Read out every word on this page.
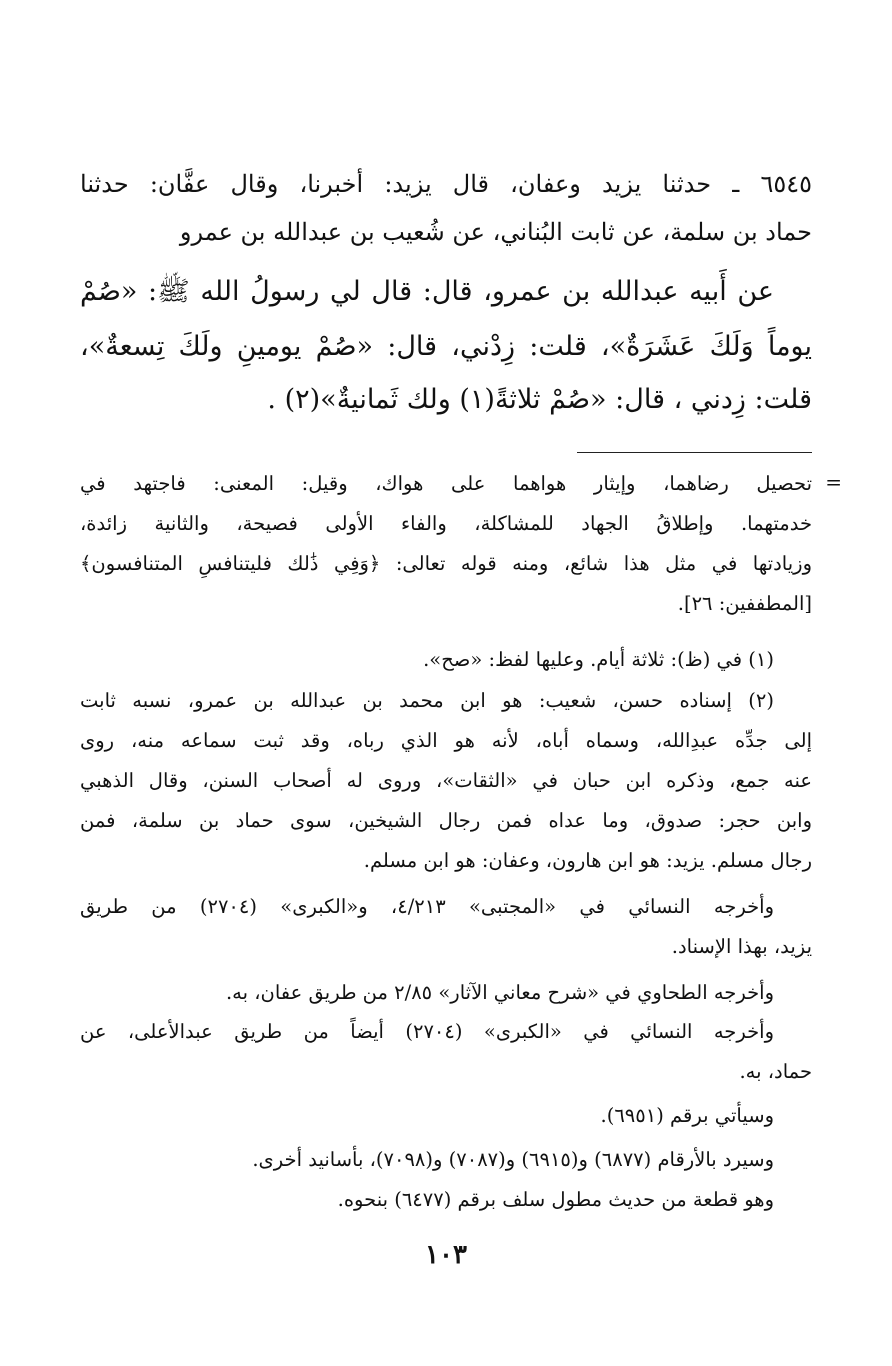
٦٥٤٥ ـ حدثنا يزيد وعفان، قال يزيد: أخبرنا، وقال عفَّان: حدثنا
حماد بن سلمة، عن ثابت البُناني، عن شُعيب بن عبدالله بن عمرو
عن أَبيه عبدالله بن عمرو، قال: قال لي رسولُ الله ﷺ: «صُمْ
يوماً وَلَكَ عَشَرَةٌ»، قلت: زِدْني، قال: «صُمْ يومينِ ولَكَ تِسعةٌ»،
قلت: زِدني ، قال: «صُمْ ثلاثةً(١) ولك ثَمانيةٌ»(٢) .
=
تحصيل رضاهما، وإيثار هواهما على هواك، وقيل: المعنى: فاجتهد في
خدمتهما. وإطلاقُ الجهاد للمشاكلة، والفاء الأولى فصيحة، والثانية زائدة،
وزيادتها في مثل هذا شائع، ومنه قوله تعالى: ﴿وَفِي ذَٰلك فليتنافسِ المتنافسون﴾
[المطففين: ٢٦].
(١) في (ظ): ثلاثة أيام. وعليها لفظ: «صح».
(٢) إسناده حسن، شعيب: هو ابن محمد بن عبدالله بن عمرو، نسبه ثابت
إلى جدِّه عبدِالله، وسماه أباه، لأنه هو الذي رباه، وقد ثبت سماعه منه، روى
عنه جمع، وذكره ابن حبان في «الثقات»، وروى له أصحاب السنن، وقال الذهبي
وابن حجر: صدوق، وما عداه فمن رجال الشيخين، سوى حماد بن سلمة، فمن
رجال مسلم. يزيد: هو ابن هارون، وعفان: هو ابن مسلم.
وأخرجه النسائي في «المجتبى» ٤/٢١٣، و«الكبرى» (٢٧٠٤) من طريق
يزيد، بهذا الإسناد.
وأخرجه الطحاوي في «شرح معاني الآثار» ٢/٨٥ من طريق عفان، به.
وأخرجه النسائي في «الكبرى» (٢٧٠٤) أيضاً من طريق عبدالأعلى، عن
حماد، به.
وسيأتي برقم (٦٩٥١).
وسيرد بالأرقام (٦٨٧٧) و(٦٩١٥) و(٧٠٨٧) و(٧٠٩٨)، بأسانيد أخرى.
وهو قطعة من حديث مطول سلف برقم (٦٤٧٧) بنحوه.
١٠٣
